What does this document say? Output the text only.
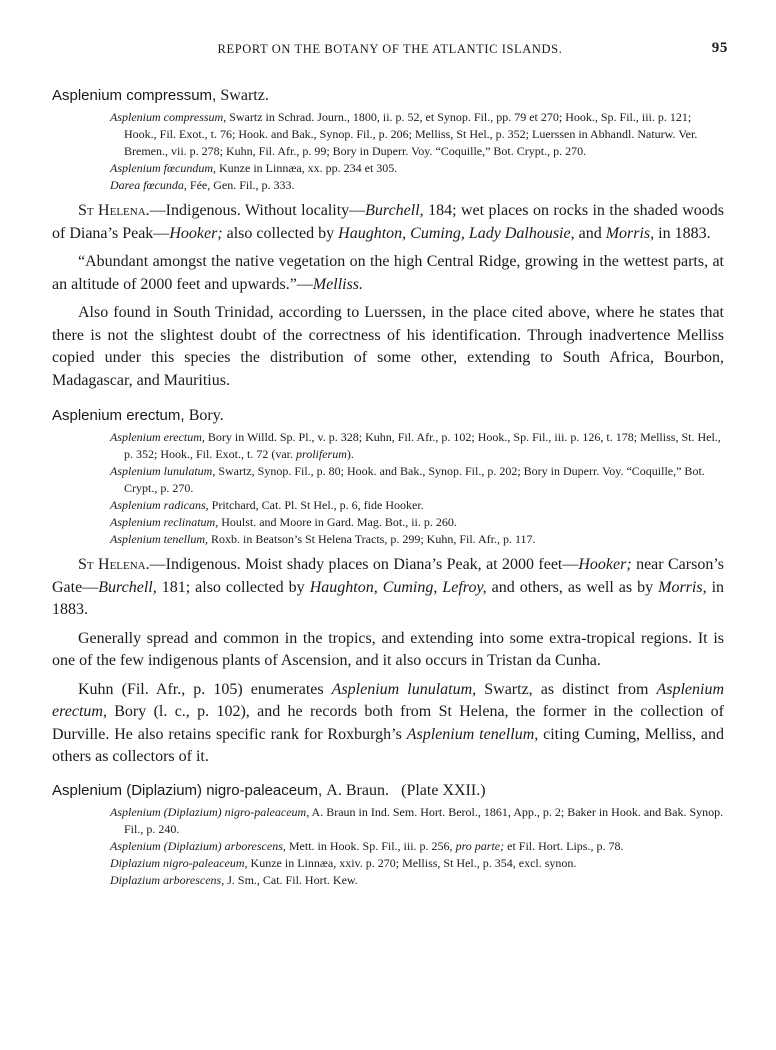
REPORT ON THE BOTANY OF THE ATLANTIC ISLANDS.	95
Asplenium compressum, Swartz.

Asplenium compressum, Swartz in Schrad. Journ., 1800, ii. p. 52, et Synop. Fil., pp. 79 et 270; Hook., Sp. Fil., iii. p. 121; Hook., Fil. Exot., t. 76; Hook. and Bak., Synop. Fil., p. 206; Melliss, St Hel., p. 352; Luerssen in Abhandl. Naturw. Ver. Bremen., vii. p. 278; Kuhn, Fil. Afr., p. 99; Bory in Duperr. Voy. “Coquille,” Bot. Crypt., p. 270.

Asplenium fœcundum, Kunze in Linnæa, xx. pp. 234 et 305.

Darea fœcunda, Fée, Gen. Fil., p. 333.

St Helena.—Indigenous. Without locality—Burchell, 184; wet places on rocks in the shaded woods of Diana’s Peak—Hooker; also collected by Haughton, Cuming, Lady Dalhousie, and Morris, in 1883.

“Abundant amongst the native vegetation on the high Central Ridge, growing in the wettest parts, at an altitude of 2000 feet and upwards.”—Melliss.

Also found in South Trinidad, according to Luerssen, in the place cited above, where he states that there is not the slightest doubt of the correctness of his identification. Through inadvertence Melliss copied under this species the distribution of some other, extending to South Africa, Bourbon, Madagascar, and Mauritius.

Asplenium erectum, Bory.

Asplenium erectum, Bory in Willd. Sp. Pl., v. p. 328; Kuhn, Fil. Afr., p. 102; Hook., Sp. Fil., iii. p. 126, t. 178; Melliss, St. Hel., p. 352; Hook., Fil. Exot., t. 72 (var. proliferum).

Asplenium lunulatum, Swartz, Synop. Fil., p. 80; Hook. and Bak., Synop. Fil., p. 202; Bory in Duperr. Voy. “Coquille,” Bot. Crypt., p. 270.

Asplenium radicans, Pritchard, Cat. Pl. St Hel., p. 6, fide Hooker.

Asplenium reclinatum, Houlst. and Moore in Gard. Mag. Bot., ii. p. 260.

Asplenium tenellum, Roxb. in Beatson’s St Helena Tracts, p. 299; Kuhn, Fil. Afr., p. 117.

St Helena.—Indigenous. Moist shady places on Diana’s Peak, at 2000 feet—Hooker; near Carson’s Gate—Burchell, 181; also collected by Haughton, Cuming, Lefroy, and others, as well as by Morris, in 1883.

Generally spread and common in the tropics, and extending into some extra-tropical regions. It is one of the few indigenous plants of Ascension, and it also occurs in Tristan da Cunha.

Kuhn (Fil. Afr., p. 105) enumerates Asplenium lunulatum, Swartz, as distinct from Asplenium erectum, Bory (l. c., p. 102), and he records both from St Helena, the former in the collection of Durville. He also retains specific rank for Roxburgh’s Asplenium tenellum, citing Cuming, Melliss, and others as collectors of it.

Asplenium (Diplazium) nigro-paleaceum, A. Braun. (Plate XXII.)

Asplenium (Diplazium) nigro-paleaceum, A. Braun in Ind. Sem. Hort. Berol., 1861, App., p. 2; Baker in Hook. and Bak. Synop. Fil., p. 240.

Asplenium (Diplazium) arborescens, Mett. in Hook. Sp. Fil., iii. p. 256, pro parte; et Fil. Hort. Lips., p. 78.

Diplazium nigro-paleaceum, Kunze in Linnæa, xxiv. p. 270; Melliss, St Hel., p. 354, excl. synon.

Diplazium arborescens, J. Sm., Cat. Fil. Hort. Kew.
